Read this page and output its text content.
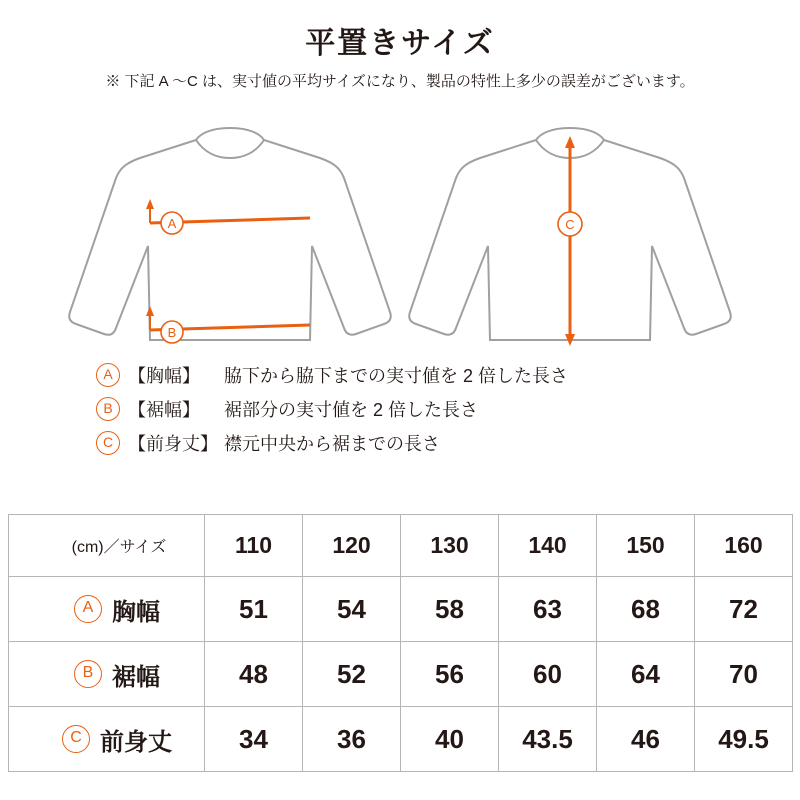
平置きサイズ
※ 下記 A 〜C は、実寸値の平均サイズになり、製品の特性上多少の誤差がございます。
A
B
C
A 【胸幅】	脇下から脇下までの実寸値を 2 倍した長さ
B 【裾幅】	裾部分の実寸値を 2 倍した長さ
C 【前身丈】 襟元中央から裾までの長さ
(cm)／サイズ	110	120	130	140	150	160
A 胸幅	51	54	58	63	68	72
B 裾幅	48	52	56	60	64	70
C 前身丈	34	36	40	43.5	46	49.5
